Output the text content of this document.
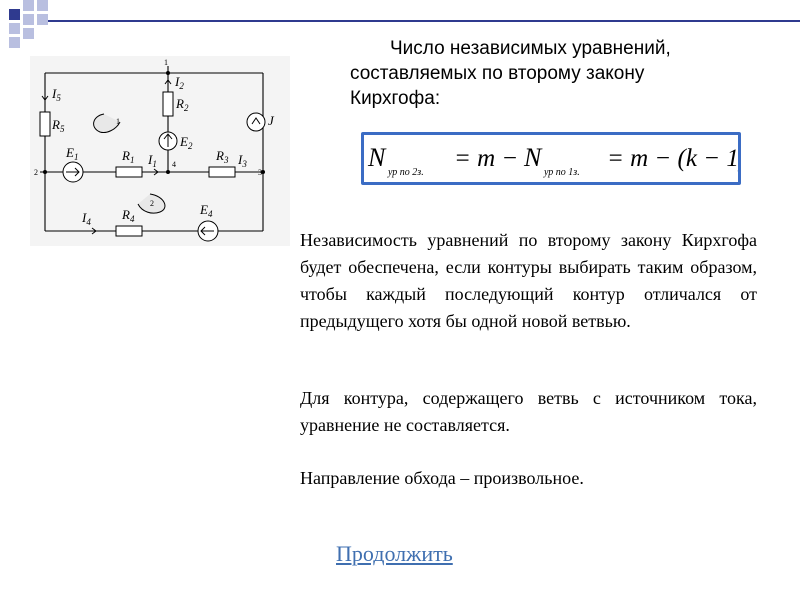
Число независимых уравнений,
составляемых по второму закону
Кирхгофа:
N
ур по 2з.
= m − N
ур по 1з.
= m − (k − 1)
$I_5$
$R_5$
$I_2$
$R_2$
$E_2$
J
$E_1$	$R_1$ $I_1$
$R_3$ $I_3$
$I_4$ $R_4$
$E_4$
1
2	3
4
1
2

Независимость уравнений по второму закону Кирхгофа будет обеспечена, если контуры выбирать таким образом, чтобы каждый последующий контур отличался от предыдущего хотя бы одной новой ветвью.

Для контура, содержащего ветвь с источником тока, уравнение не составляется.

Направление обхода – произвольное.

Продолжить
